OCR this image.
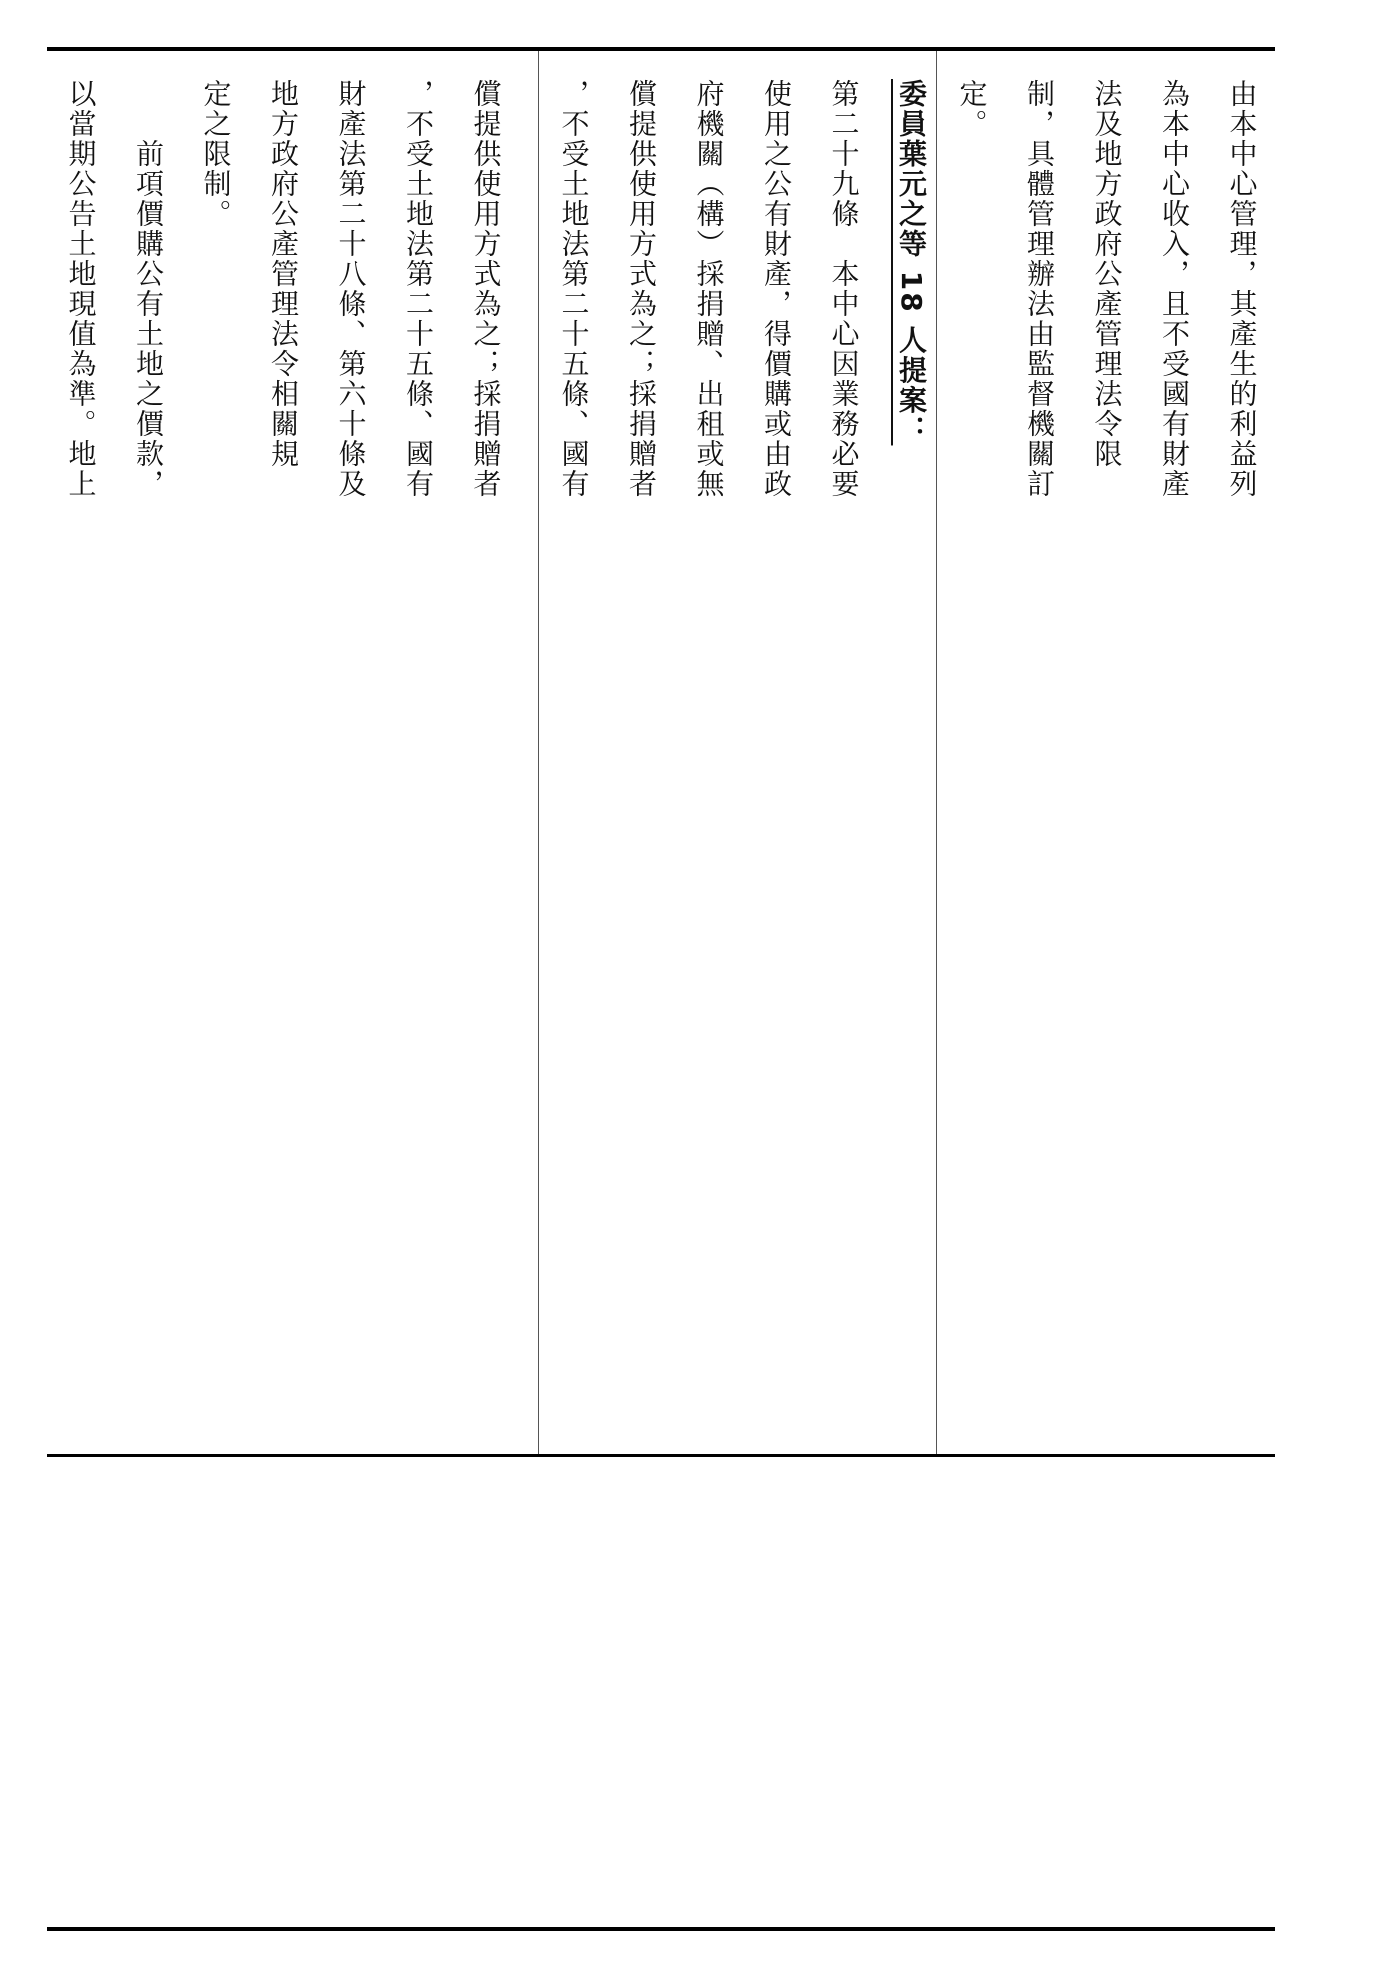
由本中心管理，其產生的利益列
為本中心收入，且不受國有財產
法及地方政府公產管理法令限
制，具體管理辦法由監督機關訂
定。
委員葉元之等 18 人提案：
第二十九條　本中心因業務必要
使用之公有財產，得價購或由政
府機關（構）採捐贈、出租或無
償提供使用方式為之；採捐贈者
，不受土地法第二十五條、國有
償提供使用方式為之；採捐贈者
，不受土地法第二十五條、國有
財產法第二十八條、第六十條及
地方政府公產管理法令相關規
定之限制。
　　前項價購公有土地之價款，
以當期公告土地現值為準。地上
